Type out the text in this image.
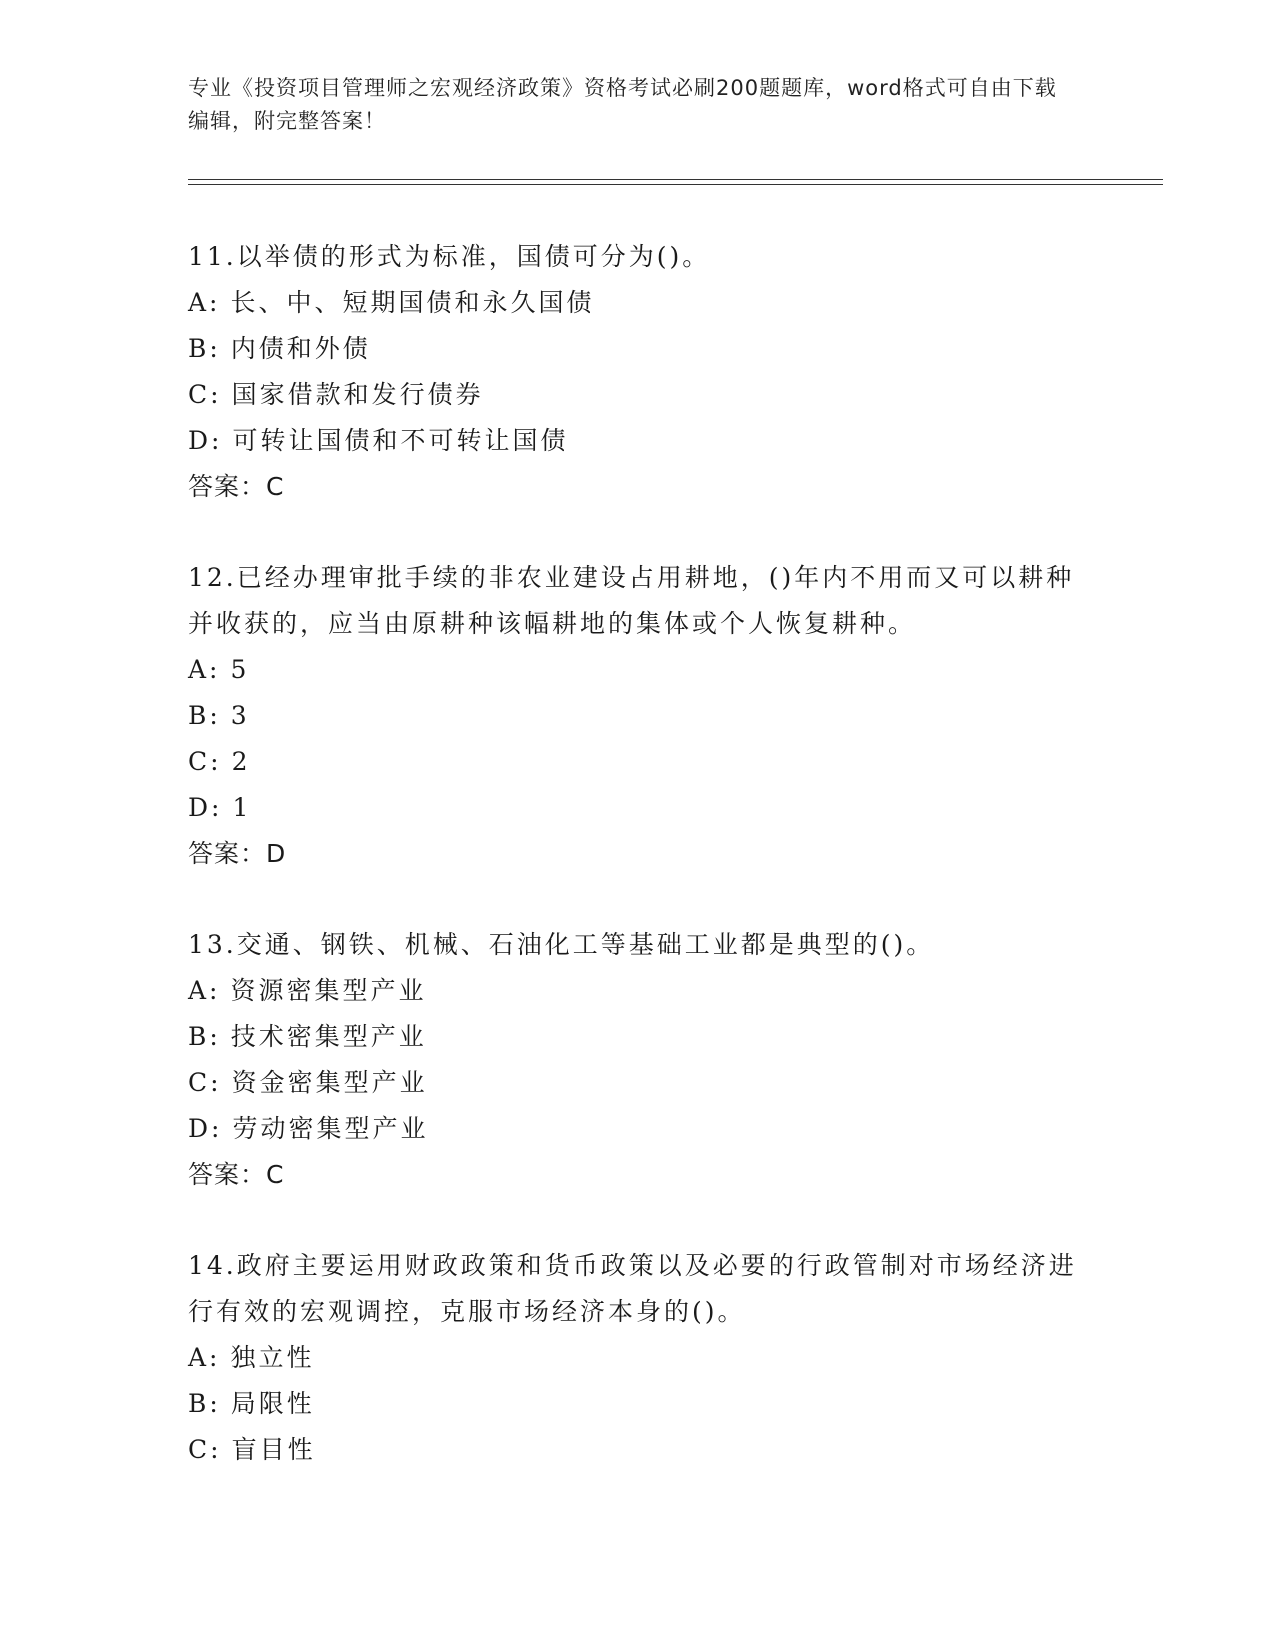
专业《投资项目管理师之宏观经济政策》资格考试必刷200题题库，word格式可自由下载编辑，附完整答案！

11.以举债的形式为标准，国债可分为()。

A: 长、中、短期国债和永久国债

B: 内债和外债

C: 国家借款和发行债券

D: 可转让国债和不可转让国债

答案：C

12.已经办理审批手续的非农业建设占用耕地，()年内不用而又可以耕种并收获的，应当由原耕种该幅耕地的集体或个人恢复耕种。

A: 5

B: 3

C: 2

D: 1

答案：D

13.交通、钢铁、机械、石油化工等基础工业都是典型的()。

A: 资源密集型产业

B: 技术密集型产业

C: 资金密集型产业

D: 劳动密集型产业

答案：C

14.政府主要运用财政政策和货币政策以及必要的行政管制对市场经济进行有效的宏观调控，克服市场经济本身的()。

A: 独立性

B: 局限性

C: 盲目性
